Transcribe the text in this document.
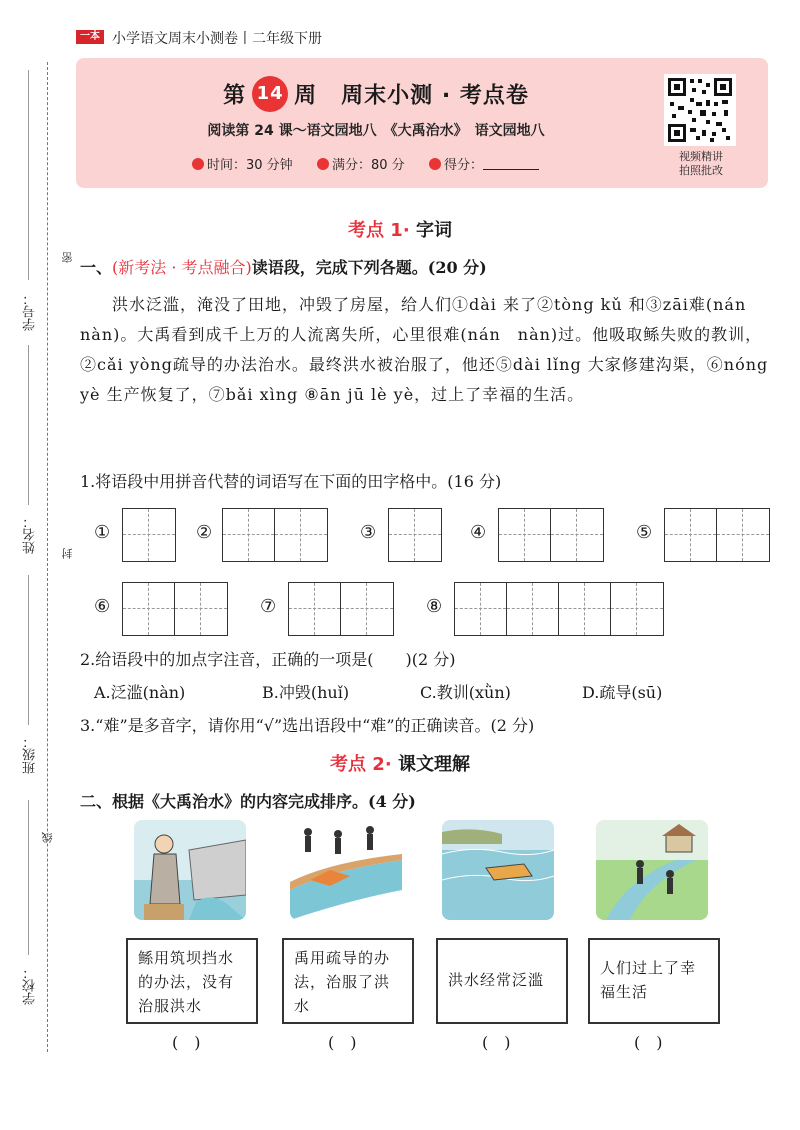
一本 小学语文周末小测卷丨二年级下册
密
封
线
学号：
姓名：
班级：
学校：
第 14 周 周末小测 · 考点卷
阅读第 24 课～语文园地八　《大禹治水》　语文园地八
时间：30 分钟	满分：80 分	得分：
视频精讲
拍照批改
考点 1· 字词
一、(新考法 · 考点融合)读语段，完成下列各题。(20 分)
洪水泛滥，淹没了田地，冲毁了房屋，给人们①dài 来了②tòng kǔ 和③zāi难(nán　nàn)。大禹看到成千上万的人流离失所，心里很难(nán　nàn)过。他吸取鲧失败的教训，②cǎi yòng疏导的办法治水。最终洪水被治服了，他还⑤dài lǐng 大家修建沟渠，⑥nóng yè 生产恢复了，⑦bǎi xìng ⑧ān jū lè yè，过上了幸福的生活。
1.将语段中用拼音代替的词语写在下面的田字格中。(16 分)
①	②	③	④	⑤
⑥	⑦	⑧
2.给语段中的加点字注音，正确的一项是(　　)(2 分)
A.泛滥(nàn)	B.冲毁(huǐ)	C.教训(xǜn)	D.疏导(sū)
3.“难”是多音字，请你用“√”选出语段中“难”的正确读音。(2 分)
考点 2· 课文理解
二、根据《大禹治水》的内容完成排序。(4 分)
鲧用筑坝挡水的办法，没有治服洪水
禹用疏导的办法，治服了洪水
洪水经常泛滥
人们过上了幸福生活
(　)	(　)	(　)	(　)
